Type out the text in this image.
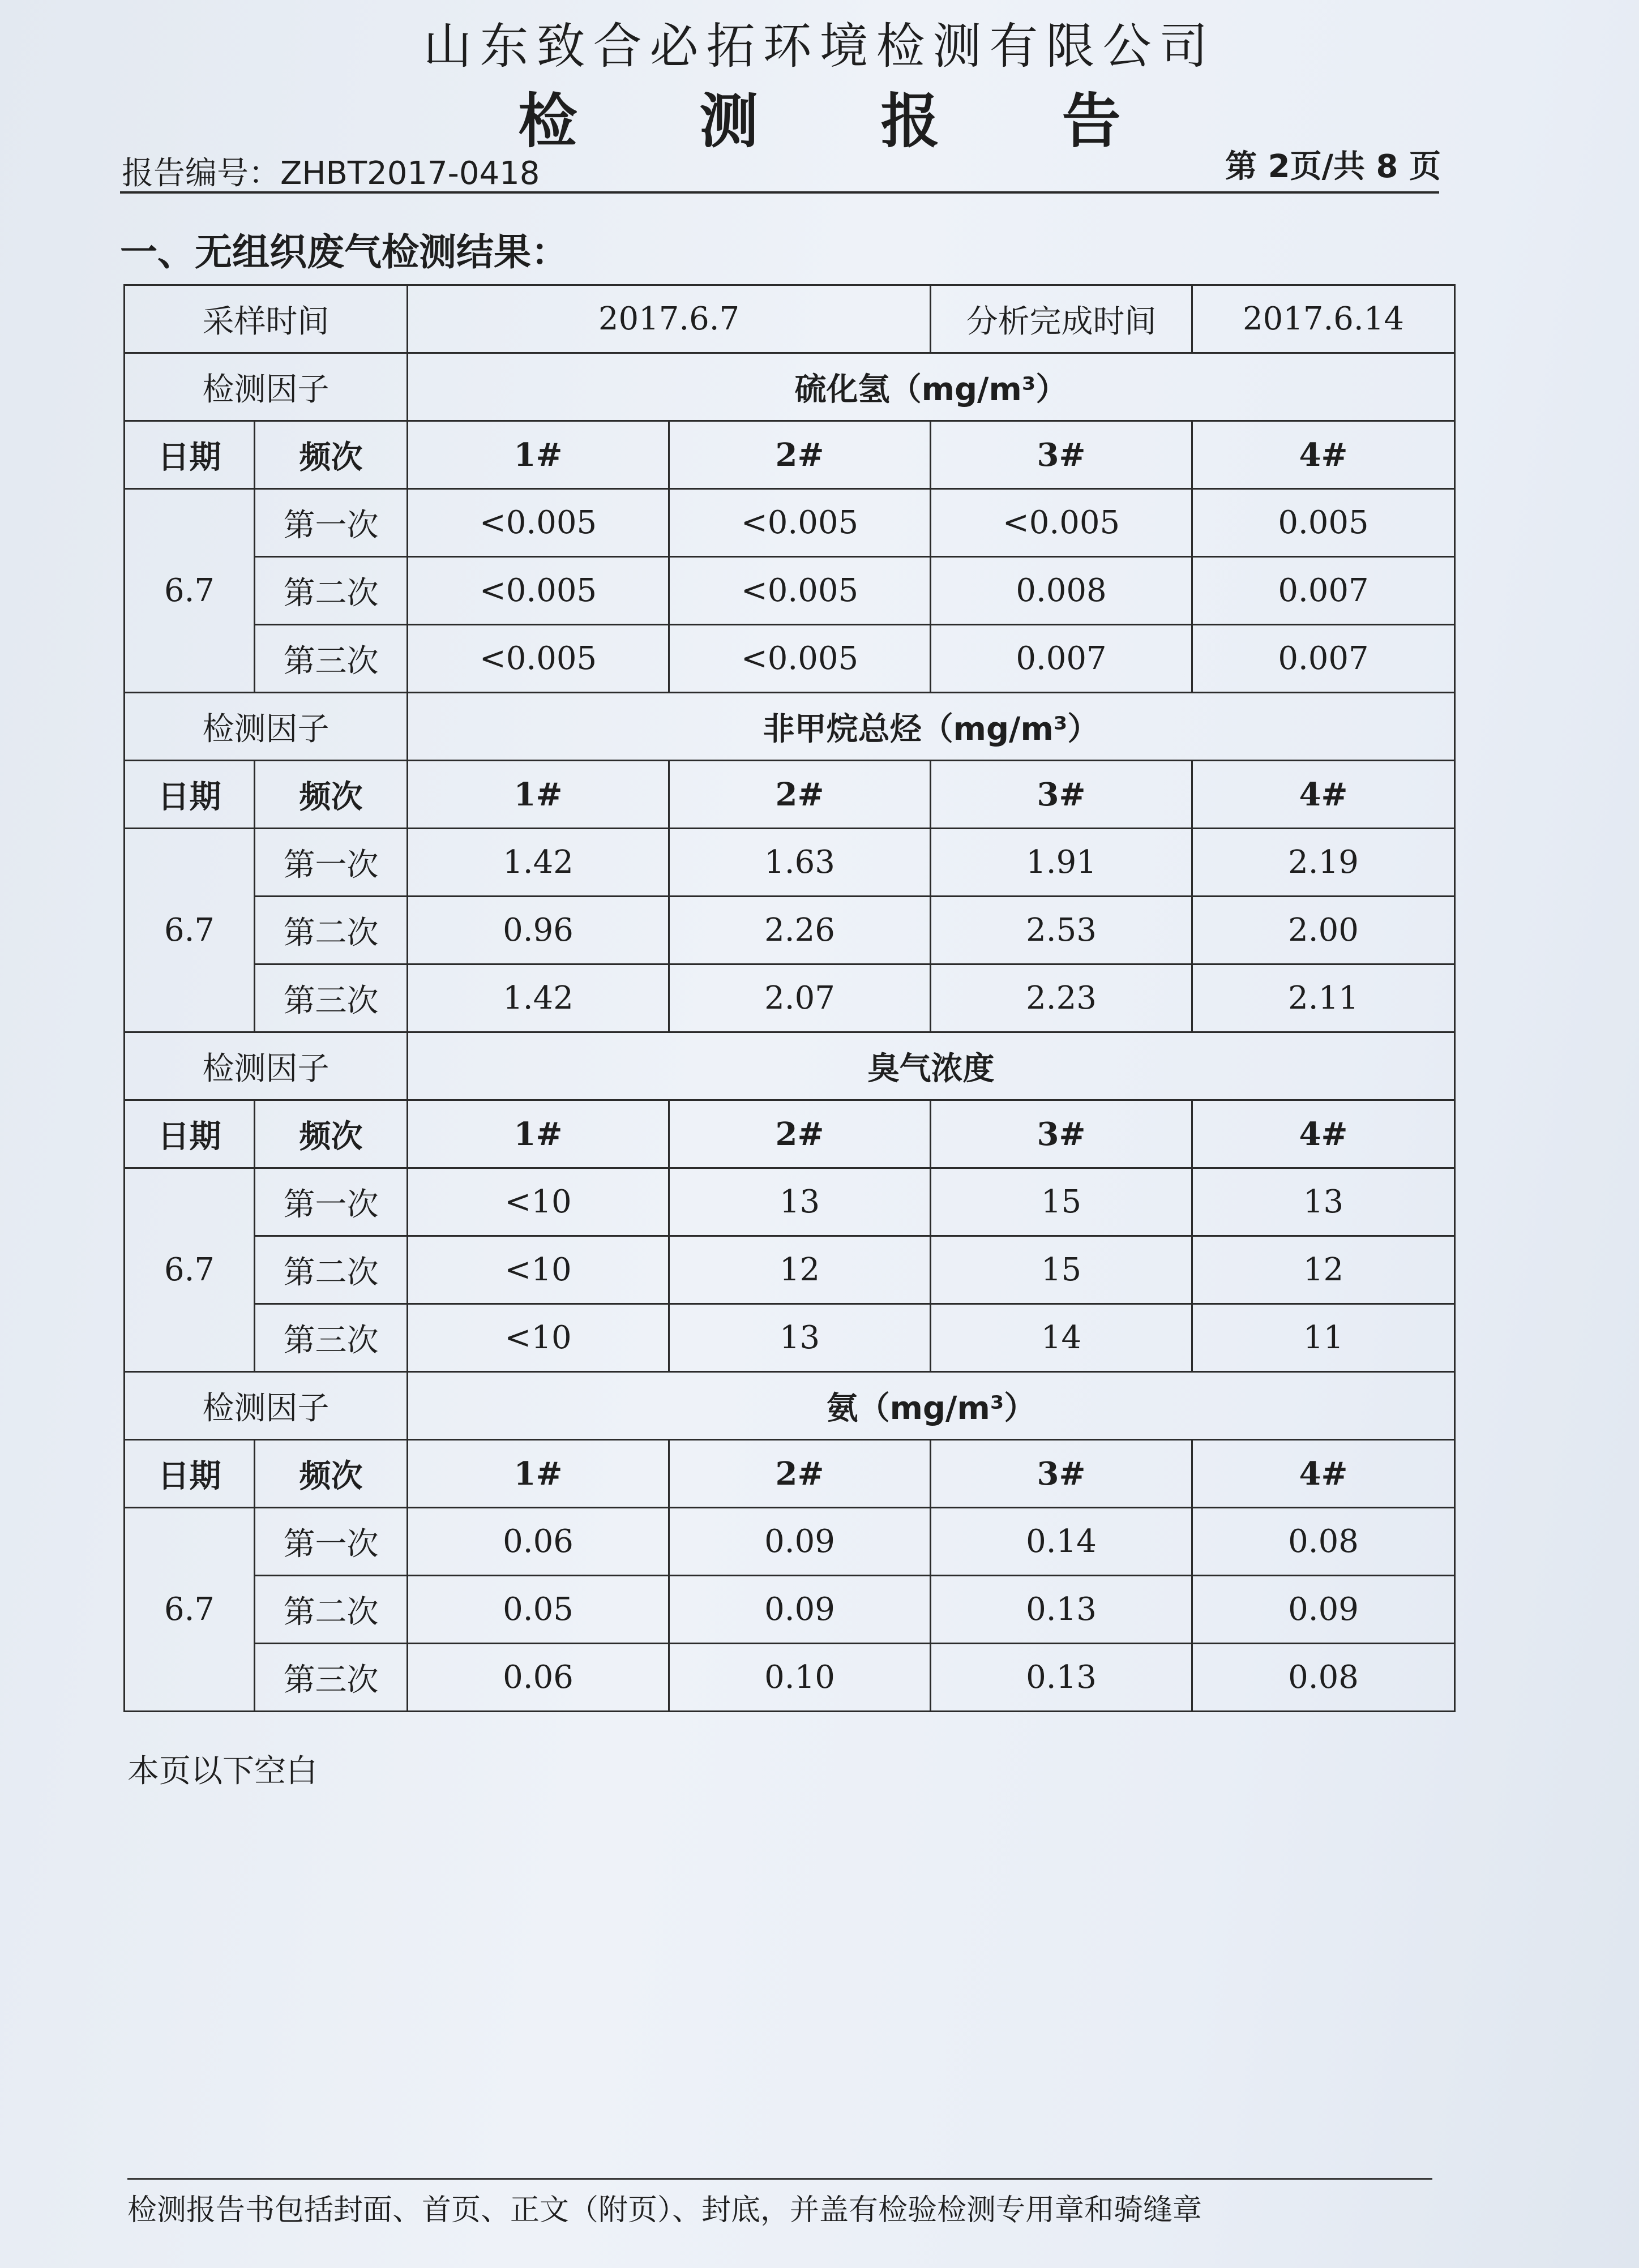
山东致合必拓环境检测有限公司
检 测 报 告
报告编号：ZHBT2017-0418	第 2页/共 8 页
一、无组织废气检测结果：
采样时间		2017.6.7		分析完成时间	2017.6.14
检测因子		硫化氢（mg/m³）			
日期	频次	1#	2#	3#	4#
6.7	第一次	<0.005	<0.005	<0.005	0.005
	第二次	<0.005	<0.005	0.008	0.007
	第三次	<0.005	<0.005	0.007	0.007
检测因子		非甲烷总烃（mg/m³）			
日期	频次	1#	2#	3#	4#
6.7	第一次	1.42	1.63	1.91	2.19
	第二次	0.96	2.26	2.53	2.00
	第三次	1.42	2.07	2.23	2.11
检测因子		臭气浓度			
日期	频次	1#	2#	3#	4#
6.7	第一次	<10	13	15	13
	第二次	<10	12	15	12
	第三次	<10	13	14	11
检测因子		氨（mg/m³）			
日期	频次	1#	2#	3#	4#
6.7	第一次	0.06	0.09	0.14	0.08
	第二次	0.05	0.09	0.13	0.09
	第三次	0.06	0.10	0.13	0.08
本页以下空白
检测报告书包括封面、首页、正文（附页）、封底，并盖有检验检测专用章和骑缝章
